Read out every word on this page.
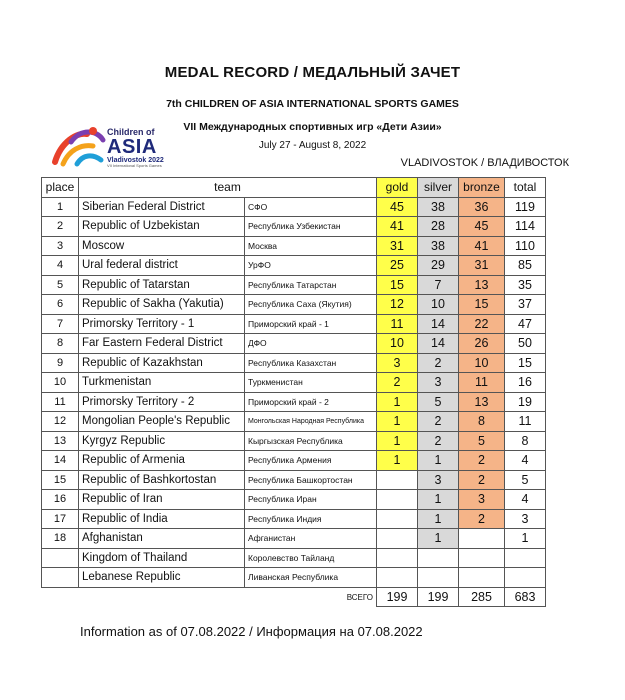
MEDAL RECORD / МЕДАЛЬНЫЙ ЗАЧЕТ
7th CHILDREN OF ASIA INTERNATIONAL SPORTS GAMES
VII Международных спортивных игр «Дети Азии»
July 27 - August 8, 2022
Children of
ASIA
Vladivostok 2022
VII International Sports Games	VLADIVOSTOK / ВЛАДИВОСТОК
place	team		gold	silver	bronze	total
1	Siberian Federal District	СФО	45	38	36	119
2	Republic of Uzbekistan	Республика Узбекистан	41	28	45	114
3	Moscow	Москва	31	38	41	110
4	Ural federal district	УрФО	25	29	31	85
5	Republic of Tatarstan	Республика Татарстан	15	7	13	35
6	Republic of Sakha (Yakutia)	Республика Саха (Якутия)	12	10	15	37
7	Primorsky Territory - 1	Приморский край - 1	11	14	22	47
8	Far Eastern Federal District	ДФО	10	14	26	50
9	Republic of Kazakhstan	Республика Казахстан	3	2	10	15
10	Turkmenistan	Туркменистан	2	3	11	16
11	Primorsky Territory - 2	Приморский край - 2	1	5	13	19
12	Mongolian People's Republic	Монгольская Народная Республика	1	2	8	11
13	Kyrgyz Republic	Кыргызская Республика	1	2	5	8
14	Republic of Armenia	Республика Армения	1	1	2	4
15	Republic of Bashkortostan	Республика Башкортостан		3	2	5
16	Republic of Iran	Республика Иран		1	3	4
17	Republic of India	Республика Индия		1	2	3
18	Afghanistan	Афганистан		1		1
	Kingdom of Thailand	Королевство Тайланд				
	Lebanese Republic	Ливанская Республика				
		ВСЕГО	199	199	285	683
Information as of 07.08.2022 / Информация на 07.08.2022
